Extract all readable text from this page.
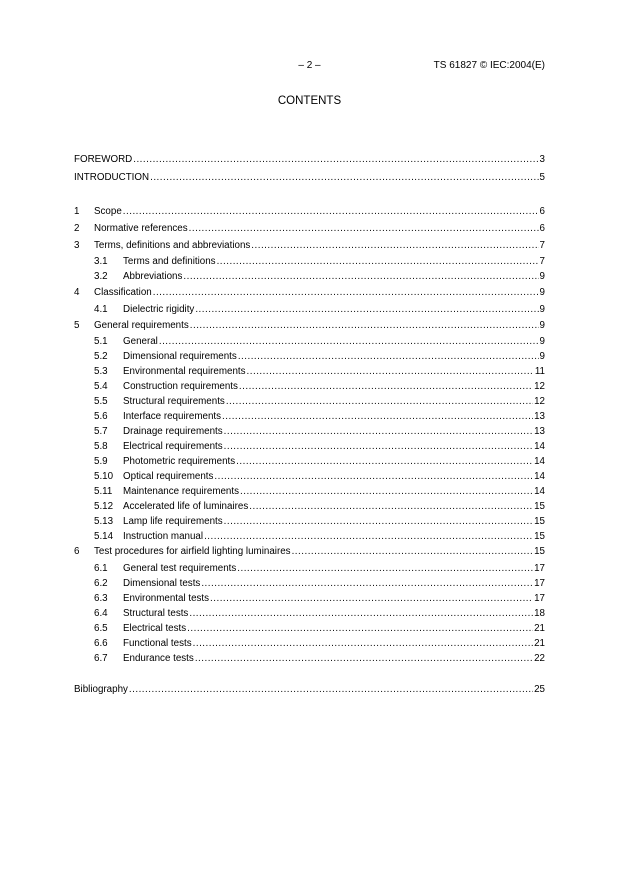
– 2 –	TS 61827 © IEC:2004(E)
CONTENTS
FOREWORD .....	3
INTRODUCTION .....	5
1	Scope .....	6
2	Normative references .....	6
3	Terms, definitions and abbreviations .....	7
3.1	Terms and definitions .....	7
3.2	Abbreviations .....	9
4	Classification .....	9
4.1	Dielectric rigidity .....	9
5	General requirements .....	9
5.1	General .....	9
5.2	Dimensional requirements .....	9
5.3	Environmental requirements .....	11
5.4	Construction requirements .....	12
5.5	Structural requirements .....	12
5.6	Interface requirements .....	13
5.7	Drainage requirements .....	13
5.8	Electrical requirements .....	14
5.9	Photometric requirements .....	14
5.10	Optical requirements .....	14
5.11	Maintenance requirements .....	14
5.12	Accelerated life of luminaires .....	15
5.13	Lamp life requirements .....	15
5.14	Instruction manual .....	15
6	Test procedures for airfield lighting luminaires .....	15
6.1	General test requirements .....	17
6.2	Dimensional tests .....	17
6.3	Environmental tests .....	17
6.4	Structural tests .....	18
6.5	Electrical tests .....	21
6.6	Functional tests .....	21
6.7	Endurance tests .....	22
Bibliography .....	25
